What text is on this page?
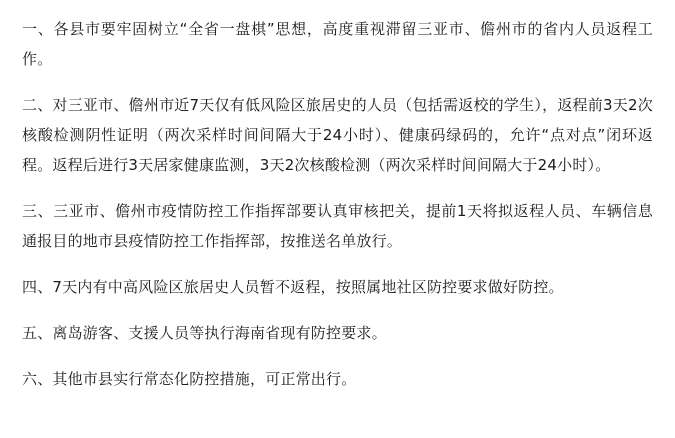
一、各县市要牢固树立“全省一盘棋”思想，高度重视滞留三亚市、儋州市的省内人员返程工作。

二、对三亚市、儋州市近7天仅有低风险区旅居史的人员（包括需返校的学生），返程前3天2次核酸检测阴性证明（两次采样时间间隔大于24小时）、健康码绿码的，允许“点对点”闭环返程。返程后进行3天居家健康监测，3天2次核酸检测（两次采样时间间隔大于24小时）。

三、三亚市、儋州市疫情防控工作指挥部要认真审核把关，提前1天将拟返程人员、车辆信息通报目的地市县疫情防控工作指挥部，按推送名单放行。

四、7天内有中高风险区旅居史人员暂不返程，按照属地社区防控要求做好防控。

五、离岛游客、支援人员等执行海南省现有防控要求。

六、其他市县实行常态化防控措施，可正常出行。
